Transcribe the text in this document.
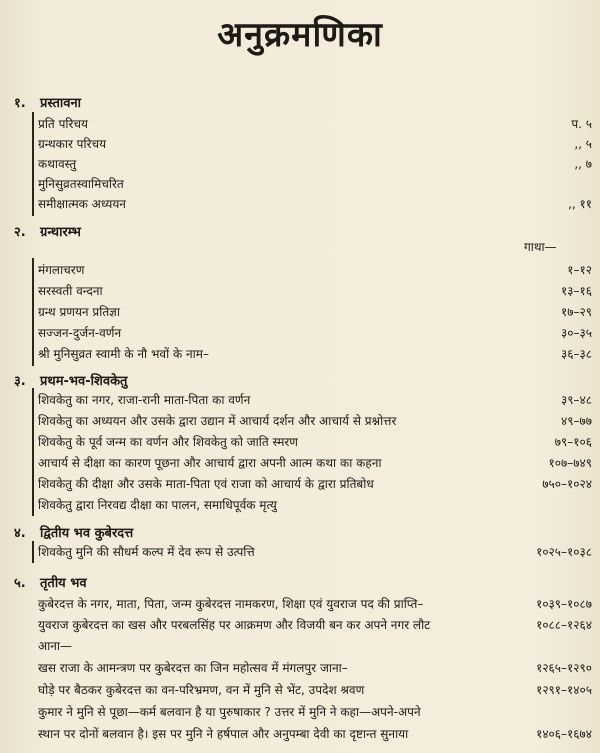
अनुक्रमणिका
१. प्रस्तावना
प्रति परिचय	प. ५
ग्रन्थकार परिचय	,, ५
कथावस्तु	,, ७
मुनिसुव्रतस्वामिचरित
समीक्षात्मक अध्ययन	,, ११
२. ग्रन्थारम्भ
गाथा—
मंगलाचरण	१–१२
सरस्वती वन्दना	१३–१६
ग्रन्थ प्रणयन प्रतिज्ञा	१७–२९
सज्जन-दुर्जन-वर्णन	३०–३५
श्री मुनिसुव्रत स्वामी के नौ भवों के नाम–	३६–३८
३. प्रथम-भव-शिवकेतु
शिवकेतु का नगर, राजा-रानी माता-पिता का वर्णन	३९–४८
शिवकेतु का अध्ययन और उसके द्वारा उद्यान में आचार्य दर्शन और आचार्य से प्रश्नोत्तर	४९–७७
शिवकेतु के पूर्व जन्म का वर्णन और शिवकेतु को जाति स्मरण	७९–१०६
आचार्य से दीक्षा का कारण पूछना और आचार्य द्वारा अपनी आत्म कथा का कहना	१०७–७४९
शिवकेतु की दीक्षा और उसके माता-पिता एवं राजा को आचार्य के द्वारा प्रतिबोध	७५०–१०२४
शिवकेतु द्वारा निरवद्य दीक्षा का पालन, समाधिपूर्वक मृत्यु
४. द्वितीय भव कुबेरदत्त
शिवकेतु मुनि की सौधर्म कल्प में देव रूप से उत्पत्ति	१०२५–१०३८
५. तृतीय भव
कुबेरदत्त के नगर, माता, पिता, जन्म कुबेरदत्त नामकरण, शिक्षा एवं युवराज पद की प्राप्ति–	१०३९–१०८७
युवराज कुबेरदत्त का खस और परबलसिंह पर आक्रमण और विजयी बन कर अपने नगर लौट	१०८८–१२६४
आना—
खस राजा के आमन्त्रण पर कुबेरदत्त का जिन महोत्सव में मंगलपुर जाना–	१२६५–१२९०
घोड़े पर बैठकर कुबेरदत्त का वन-परिभ्रमण, वन में मुनि से भेंट, उपदेश श्रवण	१२९१–१४०५
कुमार ने मुनि से पूछा—कर्म बलवान है या पुरुषाकार ? उत्तर में मुनि ने कहा—अपने-अपने
स्थान पर दोनों बलवान है। इस पर मुनि ने हर्षपाल और अनुपम्बा देवी का दृष्टान्त सुनाया	१४०६–१६७४
